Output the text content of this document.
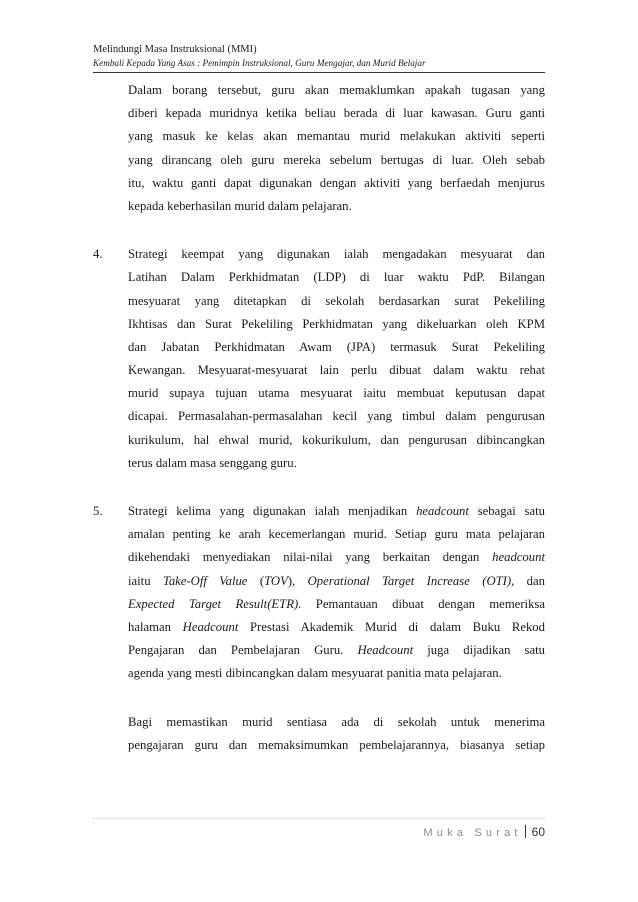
Melindungi Masa Instruksional (MMI)
Kembali Kepada Yang Asas : Pemimpin Instruksional, Guru Mengajar, dan Murid Belajar
Dalam borang tersebut, guru akan memaklumkan apakah tugasan yang
diberi kepada muridnya ketika beliau berada di luar kawasan. Guru ganti
yang masuk ke kelas akan memantau murid melakukan aktiviti seperti
yang dirancang oleh guru mereka sebelum bertugas di luar. Oleh sebab
itu, waktu ganti dapat digunakan dengan aktiviti yang berfaedah menjurus
kepada keberhasilan murid dalam pelajaran.
4. Strategi keempat yang digunakan ialah mengadakan mesyuarat dan
Latihan Dalam Perkhidmatan (LDP) di luar waktu PdP. Bilangan
mesyuarat yang ditetapkan di sekolah berdasarkan surat Pekeliling
Ikhtisas dan Surat Pekeliling Perkhidmatan yang dikeluarkan oleh KPM
dan Jabatan Perkhidmatan Awam (JPA) termasuk Surat Pekeliling
Kewangan. Mesyuarat-mesyuarat lain perlu dibuat dalam waktu rehat
murid supaya tujuan utama mesyuarat iaitu membuat keputusan dapat
dicapai. Permasalahan-permasalahan kecil yang timbul dalam pengurusan
kurikulum, hal ehwal murid, kokurikulum, dan pengurusan dibincangkan
terus dalam masa senggang guru.
5. Strategi kelima yang digunakan ialah menjadikan headcount sebagai satu
amalan penting ke arah kecemerlangan murid. Setiap guru mata pelajaran
dikehendaki menyediakan nilai-nilai yang berkaitan dengan headcount
iaitu Take-Off Value (TOV), Operational Target Increase (OTI), dan
Expected Target Result(ETR). Pemantauan dibuat dengan memeriksa
halaman Headcount Prestasi Akademik Murid di dalam Buku Rekod
Pengajaran dan Pembelajaran Guru. Headcount juga dijadikan satu
agenda yang mesti dibincangkan dalam mesyuarat panitia mata pelajaran.
Bagi memastikan murid sentiasa ada di sekolah untuk menerima
pengajaran guru dan memaksimumkan pembelajarannya, biasanya setiap
Muka Surat 60
